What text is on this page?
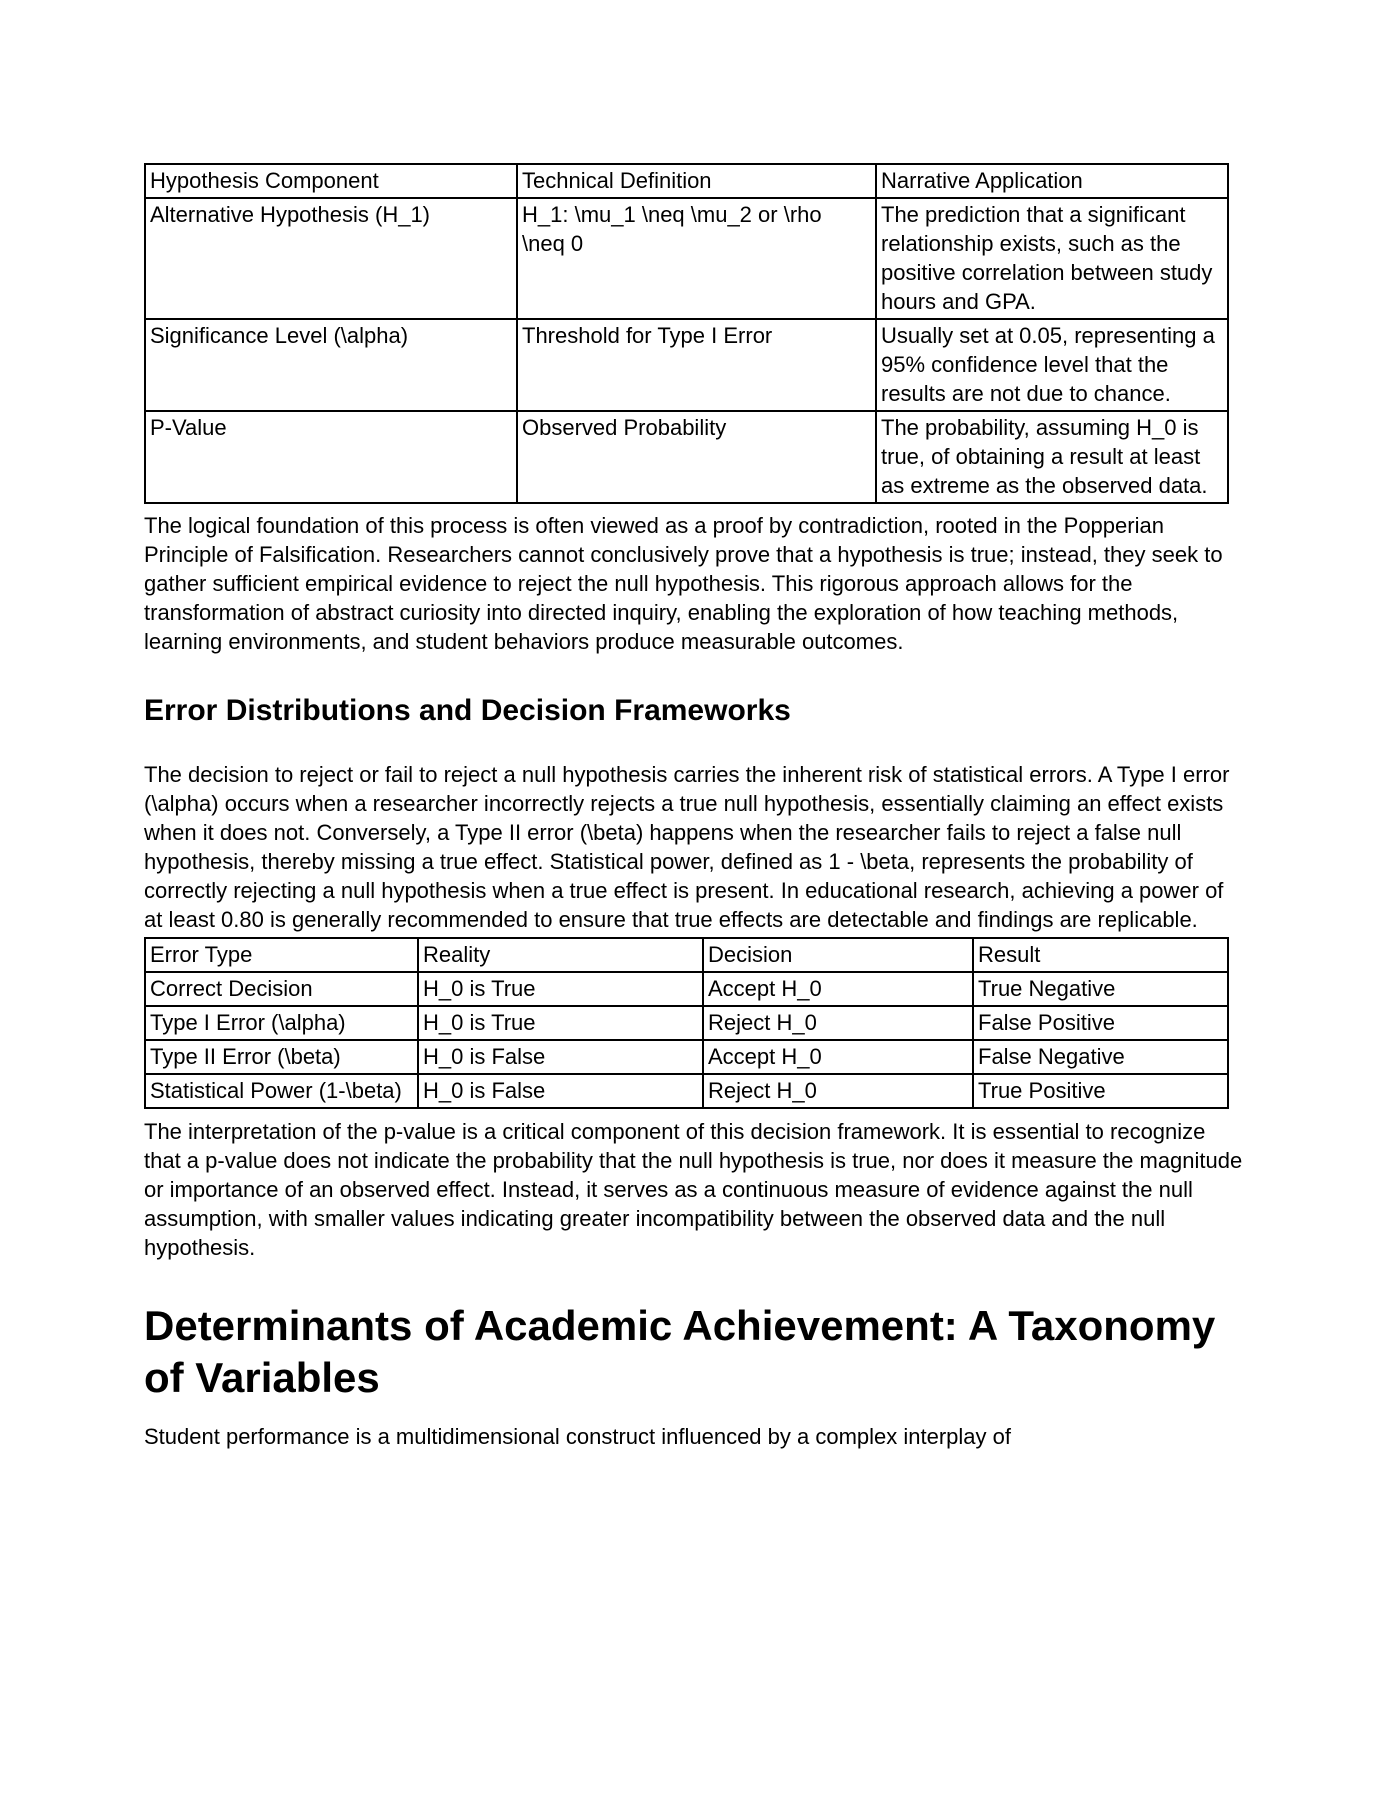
Hypothesis Component	Technical Definition	Narrative Application
Alternative Hypothesis (H_1)	H_1: \mu_1 \neq \mu_2 or \rho \neq 0	The prediction that a significant relationship exists, such as the positive correlation between study hours and GPA.
Significance Level (\alpha)	Threshold for Type I Error	Usually set at 0.05, representing a 95% confidence level that the results are not due to chance.
P-Value	Observed Probability	The probability, assuming H_0 is true, of obtaining a result at least as extreme as the observed data.

The logical foundation of this process is often viewed as a proof by contradiction, rooted in the Popperian Principle of Falsification. Researchers cannot conclusively prove that a hypothesis is true; instead, they seek to gather sufficient empirical evidence to reject the null hypothesis. This rigorous approach allows for the transformation of abstract curiosity into directed inquiry, enabling the exploration of how teaching methods, learning environments, and student behaviors produce measurable outcomes.

Error Distributions and Decision Frameworks

The decision to reject or fail to reject a null hypothesis carries the inherent risk of statistical errors. A Type I error (\alpha) occurs when a researcher incorrectly rejects a true null hypothesis, essentially claiming an effect exists when it does not. Conversely, a Type II error (\beta) happens when the researcher fails to reject a false null hypothesis, thereby missing a true effect. Statistical power, defined as 1 - \beta, represents the probability of correctly rejecting a null hypothesis when a true effect is present. In educational research, achieving a power of at least 0.80 is generally recommended to ensure that true effects are detectable and findings are replicable.

Error Type	Reality	Decision	Result
Correct Decision	H_0 is True	Accept H_0	True Negative
Type I Error (\alpha)	H_0 is True	Reject H_0	False Positive
Type II Error (\beta)	H_0 is False	Accept H_0	False Negative
Statistical Power (1-\beta)	H_0 is False	Reject H_0	True Positive

The interpretation of the p-value is a critical component of this decision framework. It is essential to recognize that a p-value does not indicate the probability that the null hypothesis is true, nor does it measure the magnitude or importance of an observed effect. Instead, it serves as a continuous measure of evidence against the null assumption, with smaller values indicating greater incompatibility between the observed data and the null hypothesis.

Determinants of Academic Achievement: A Taxonomy of Variables

Student performance is a multidimensional construct influenced by a complex interplay of
